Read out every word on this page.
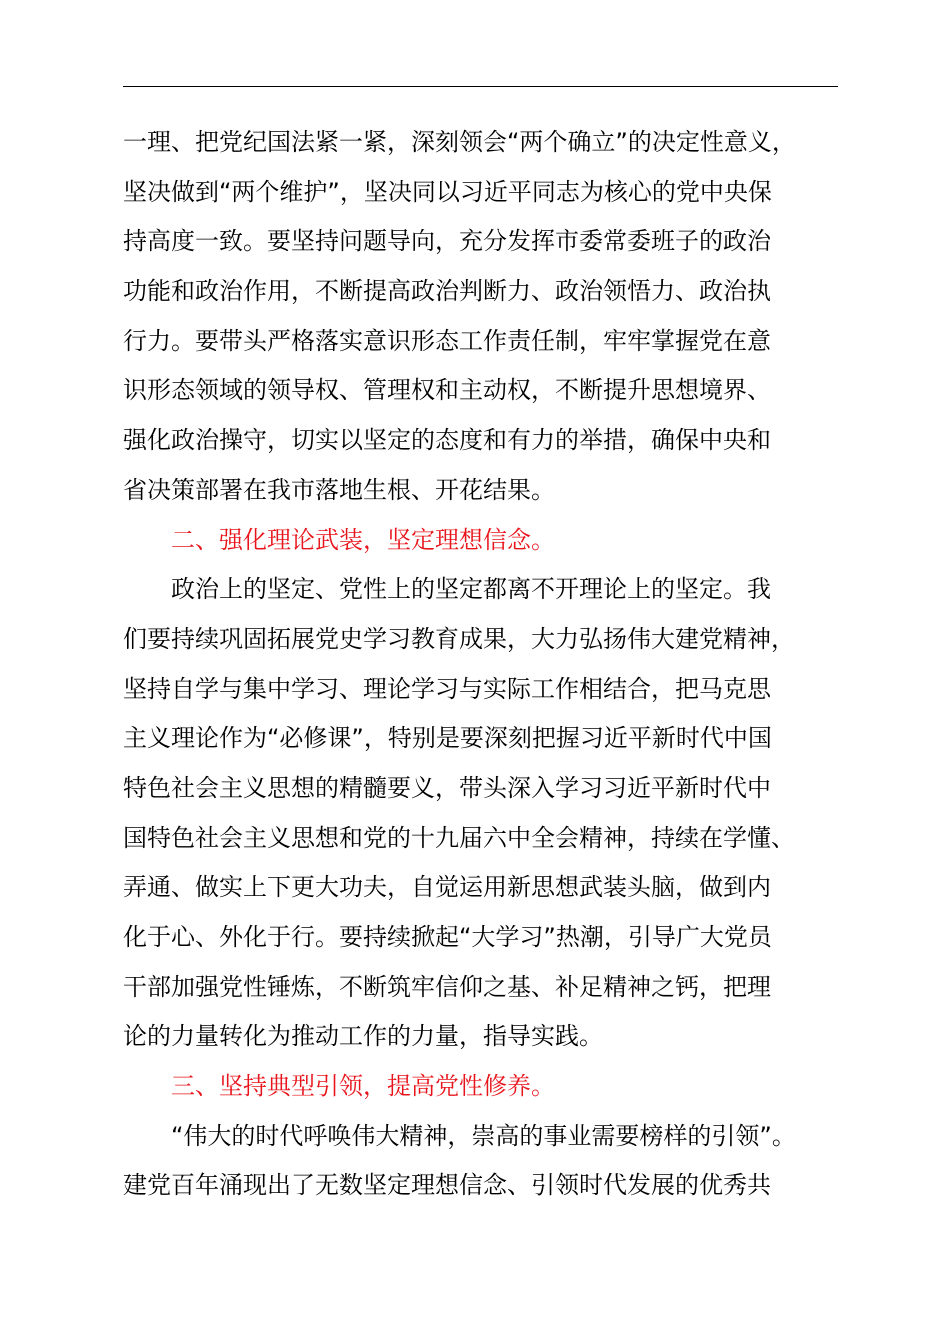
一理、把党纪国法紧一紧，深刻领会“两个确立”的决定性意义，
坚决做到“两个维护”，坚决同以习近平同志为核心的党中央保
持高度一致。要坚持问题导向，充分发挥市委常委班子的政治
功能和政治作用，不断提高政治判断力、政治领悟力、政治执
行力。要带头严格落实意识形态工作责任制，牢牢掌握党在意
识形态领域的领导权、管理权和主动权，不断提升思想境界、
强化政治操守，切实以坚定的态度和有力的举措，确保中央和
省决策部署在我市落地生根、开花结果。
二、强化理论武装，坚定理想信念。
政治上的坚定、党性上的坚定都离不开理论上的坚定。我
们要持续巩固拓展党史学习教育成果，大力弘扬伟大建党精神，
坚持自学与集中学习、理论学习与实际工作相结合，把马克思
主义理论作为“必修课”，特别是要深刻把握习近平新时代中国
特色社会主义思想的精髓要义，带头深入学习习近平新时代中
国特色社会主义思想和党的十九届六中全会精神，持续在学懂、
弄通、做实上下更大功夫，自觉运用新思想武装头脑，做到内
化于心、外化于行。要持续掀起“大学习”热潮，引导广大党员
干部加强党性锤炼，不断筑牢信仰之基、补足精神之钙，把理
论的力量转化为推动工作的力量，指导实践。
三、坚持典型引领，提高党性修养。
“伟大的时代呼唤伟大精神，崇高的事业需要榜样的引领”。
建党百年涌现出了无数坚定理想信念、引领时代发展的优秀共
